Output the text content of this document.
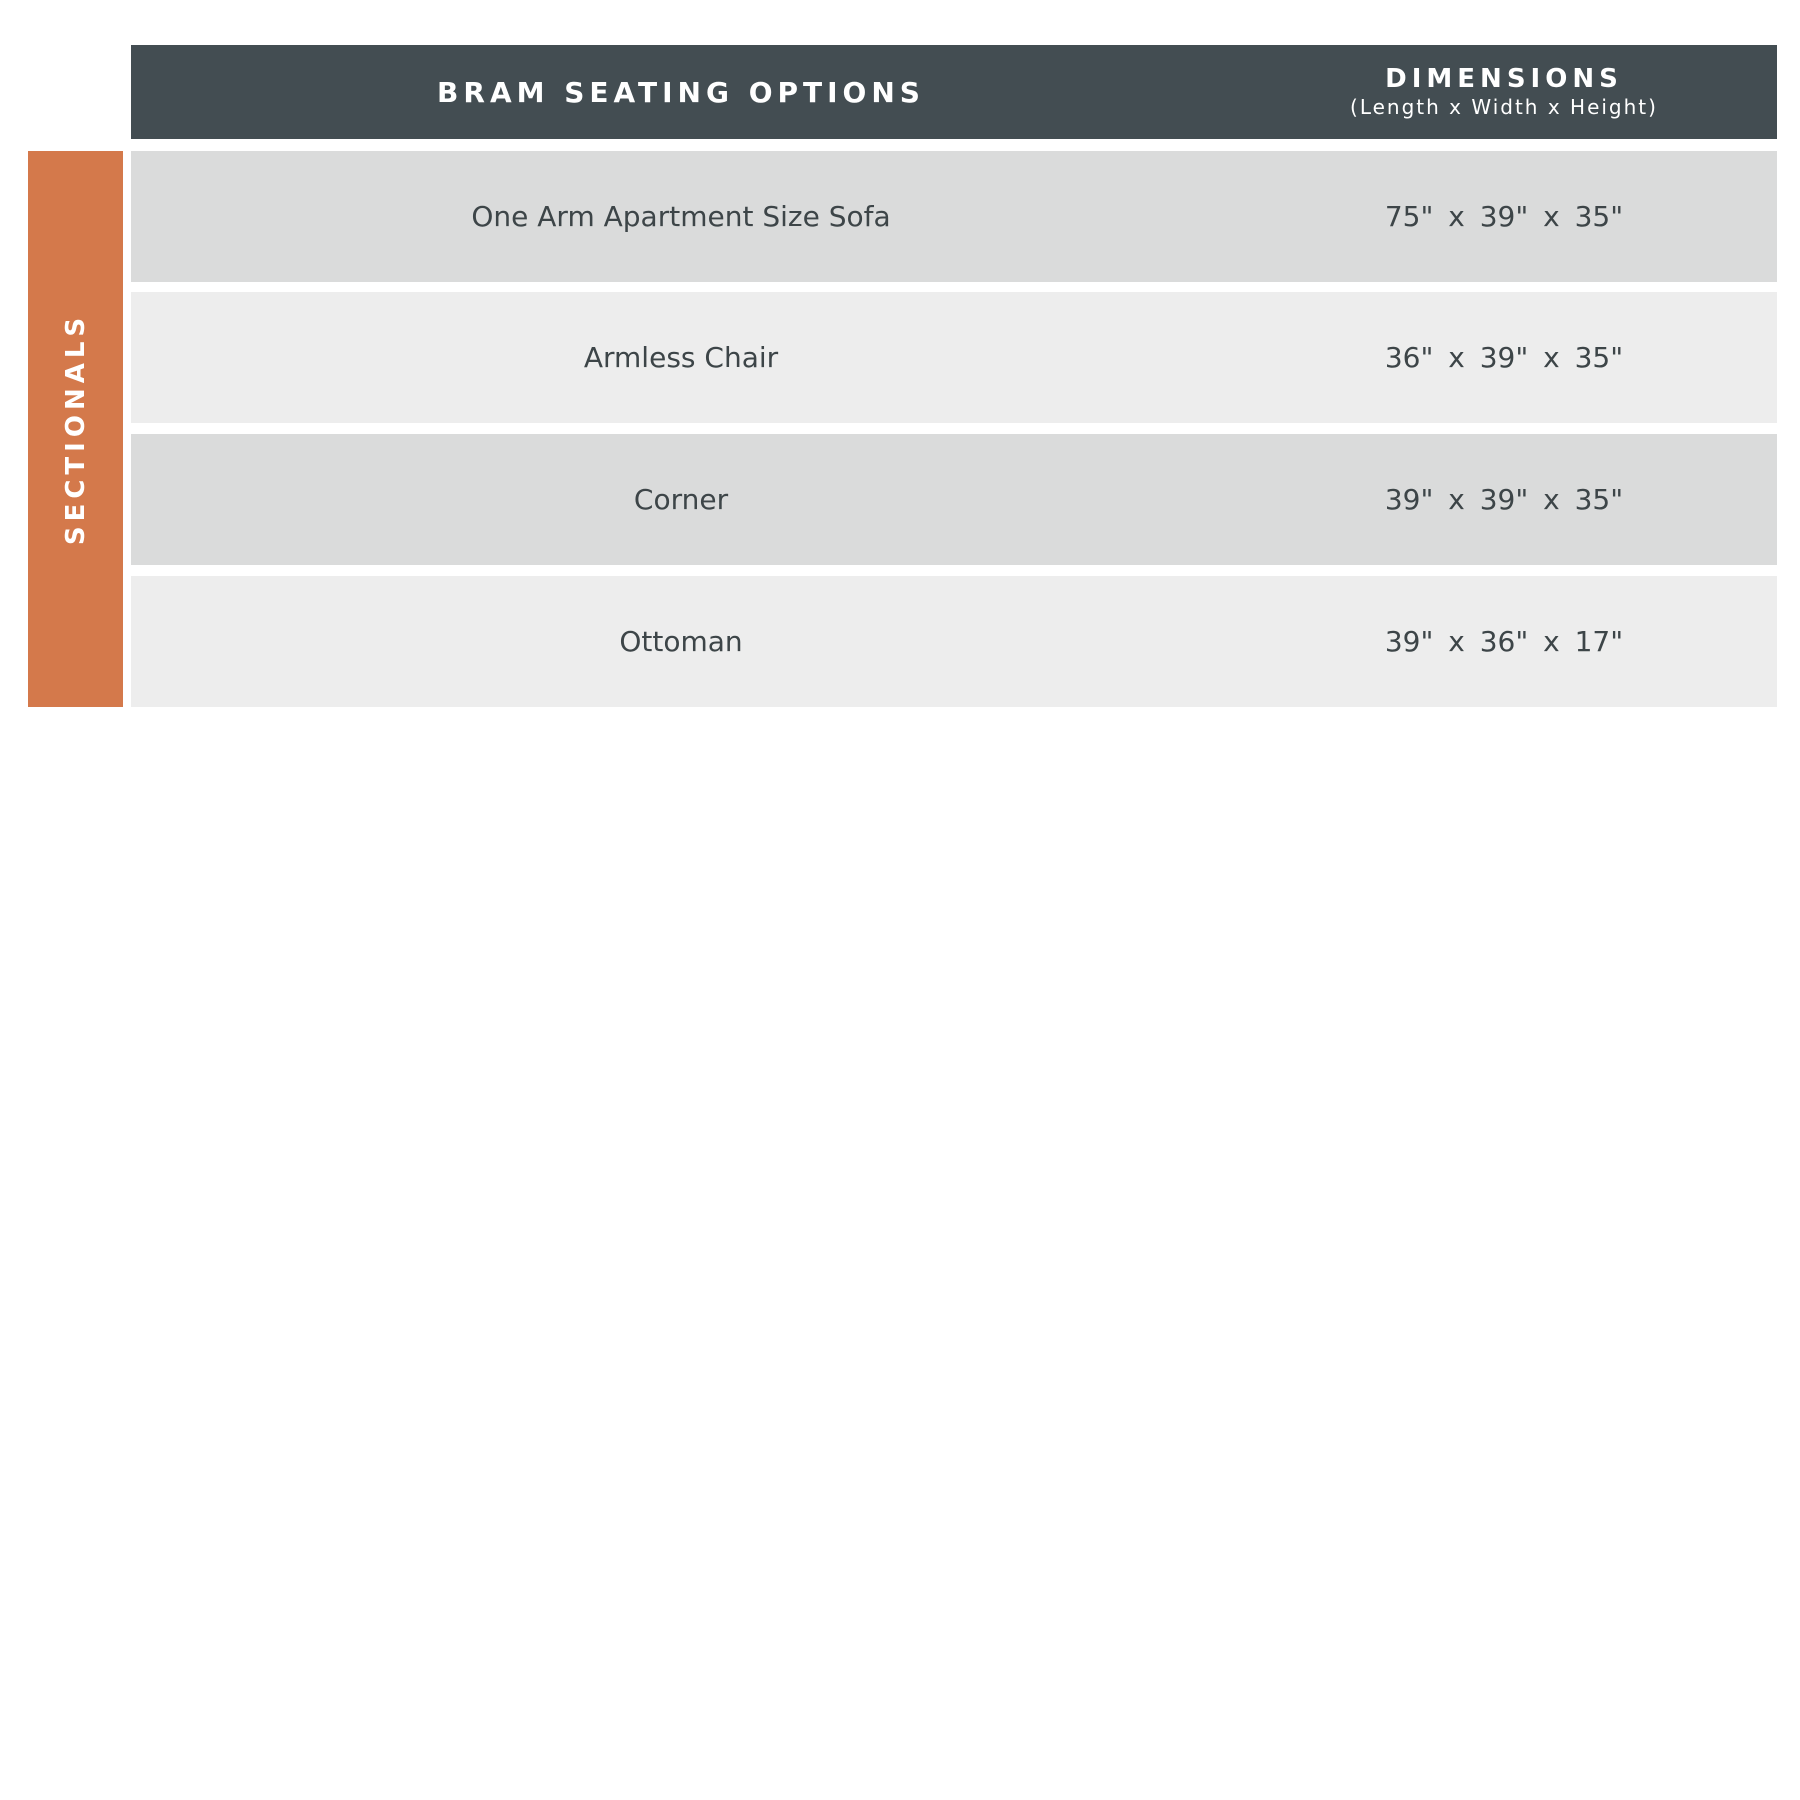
BRAM SEATING OPTIONS	DIMENSIONS
(Length x Width x Height)
SECTIONALS
One Arm Apartment Size Sofa	75" x 39" x 35"
Armless Chair	36" x 39" x 35"
Corner	39" x 39" x 35"
Ottoman	39" x 36" x 17"
